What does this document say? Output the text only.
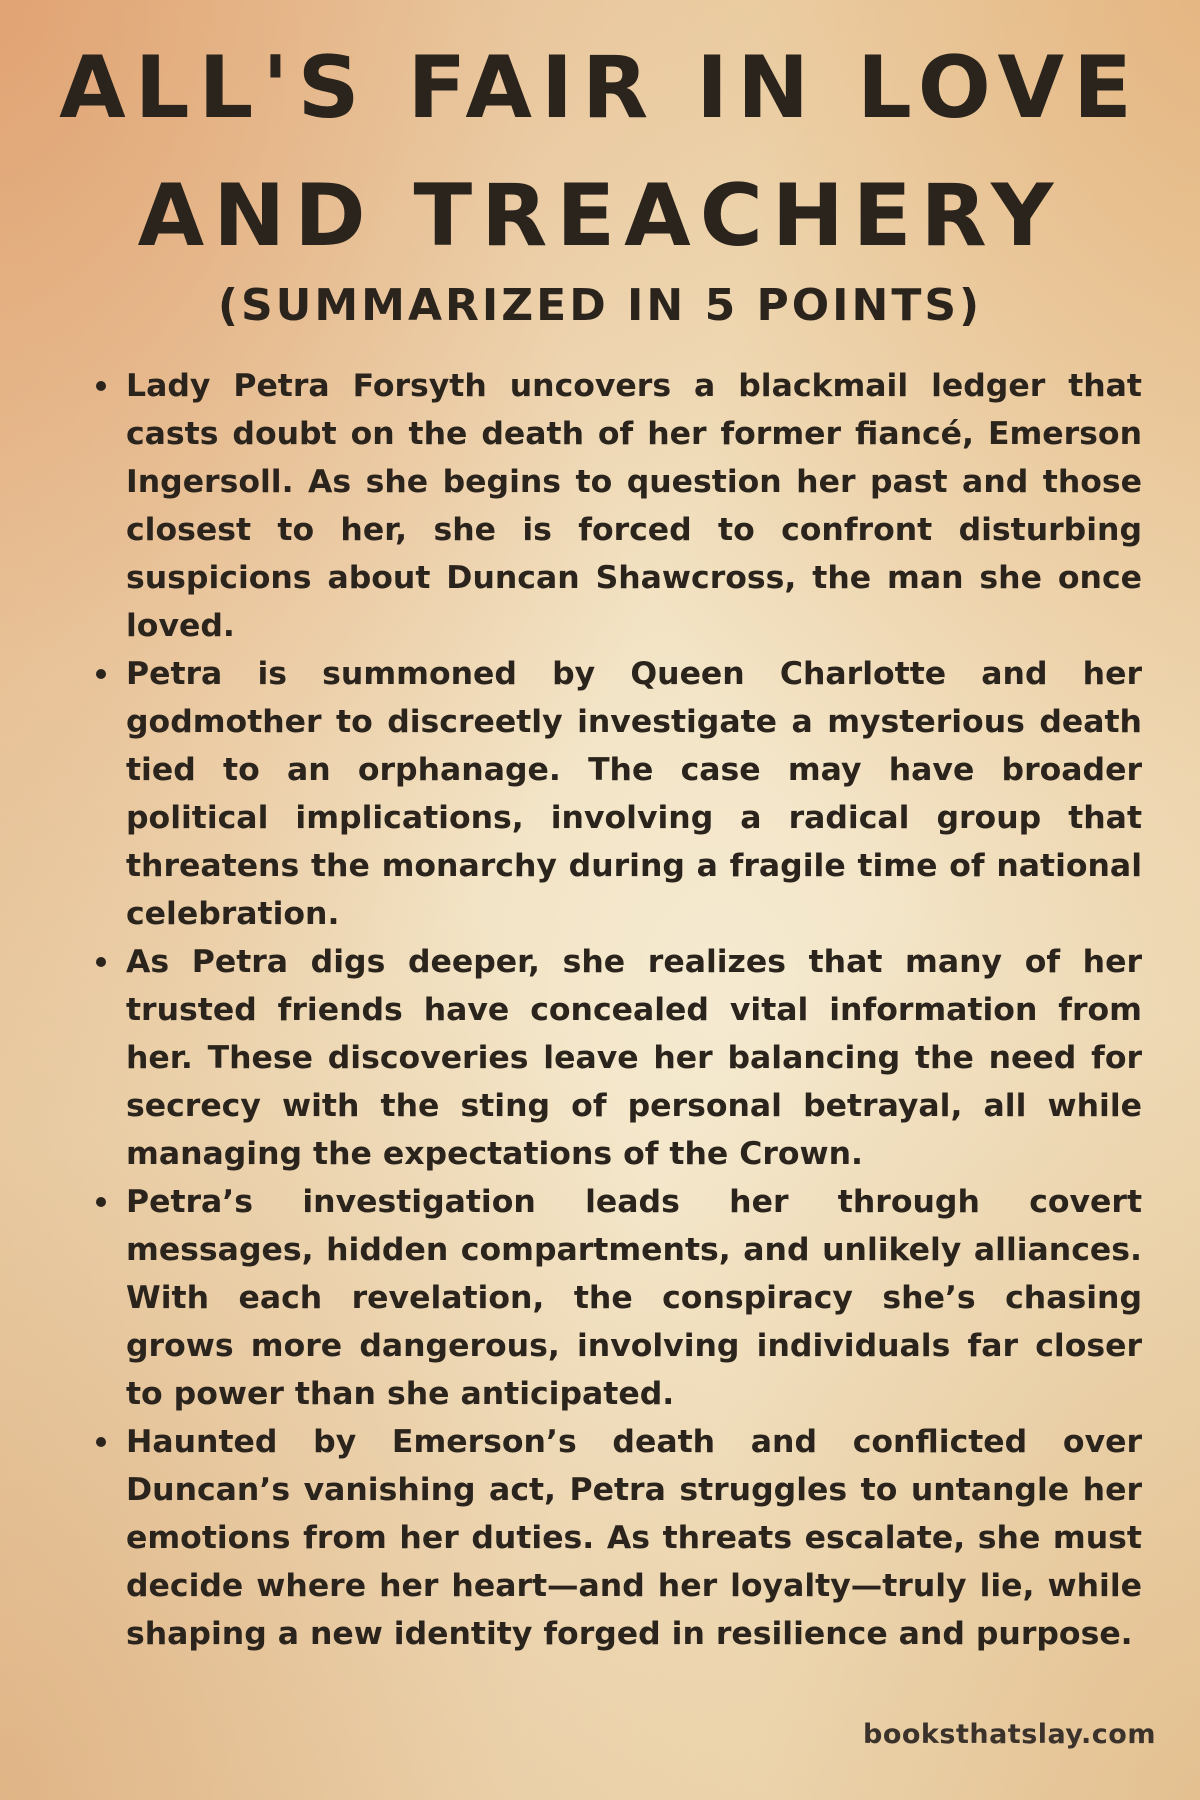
ALL'S FAIR IN LOVE
AND TREACHERY
(SUMMARIZED IN 5 POINTS)
Lady Petra Forsyth uncovers a blackmail ledger that casts doubt on the death of her former fiancé, Emerson Ingersoll. As she begins to question her past and those closest to her, she is forced to confront disturbing suspicions about Duncan Shawcross, the man she once loved.
Petra is summoned by Queen Charlotte and her godmother to discreetly investigate a mysterious death tied to an orphanage. The case may have broader political implications, involving a radical group that threatens the monarchy during a fragile time of national celebration.
As Petra digs deeper, she realizes that many of her trusted friends have concealed vital information from her. These discoveries leave her balancing the need for secrecy with the sting of personal betrayal, all while managing the expectations of the Crown.
Petra’s investigation leads her through covert messages, hidden compartments, and unlikely alliances. With each revelation, the conspiracy she’s chasing grows more dangerous, involving individuals far closer to power than she anticipated.
Haunted by Emerson’s death and conflicted over Duncan’s vanishing act, Petra struggles to untangle her emotions from her duties. As threats escalate, she must decide where her heart—and her loyalty—truly lie, while shaping a new identity forged in resilience and purpose.
booksthatslay.com
